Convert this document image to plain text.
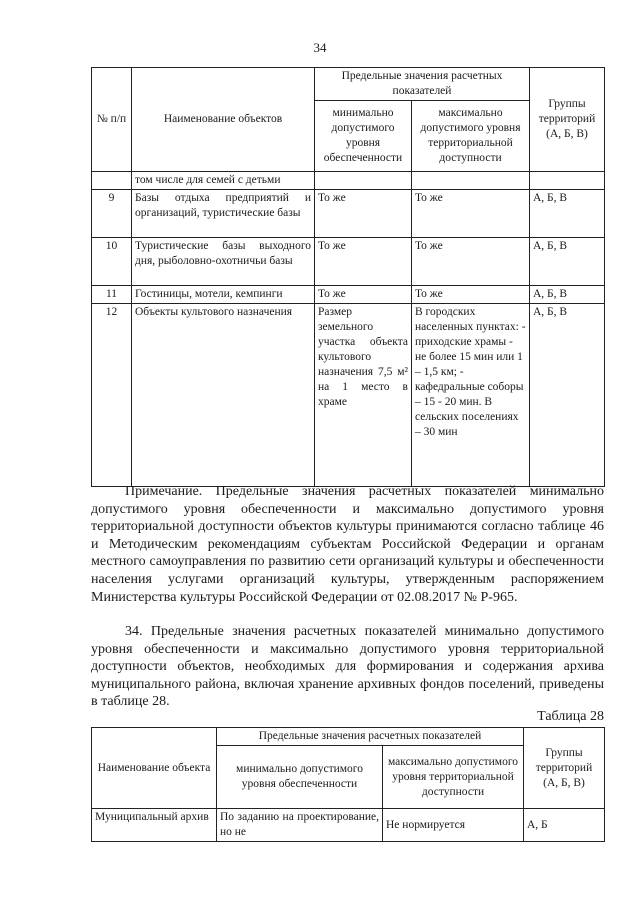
34
№ п/п	Наименование объектов	Предельные значения расчетных показателей		Группы территорий (А, Б, В)
		минимально допустимого уровня обеспеченности	максимально допустимого уровня территориальной доступности	
	том числе для семей с детьми			
9	Базы отдыха предприятий и организаций, туристические базы	То же	То же	А, Б, В
10	Туристические базы выходного дня, рыболовно-охотничьи базы	То же	То же	А, Б, В
11	Гостиницы, мотели, кемпинги	То же	То же	А, Б, В
12	Объекты культового назначения	Размер земельного участка объекта культового назначения 7,5 м² на 1 место в храме	В городских населенных пунктах: - приходские храмы - не более 15 мин или 1 – 1,5 км; - кафедральные соборы – 15 - 20 мин. В сельских поселениях – 30 мин	А, Б, В

Примечание. Предельные значения расчетных показателей минимально допустимого уровня обеспеченности и максимально допустимого уровня территориальной доступности объектов культуры принимаются согласно таблице 46 и Методическим рекомендациям субъектам Российской Федерации и органам местного самоуправления по развитию сети организаций культуры и обеспеченности населения услугами организаций культуры, утвержденным распоряжением Министерства культуры Российской Федерации от 02.08.2017 № Р-965.

34. Предельные значения расчетных показателей минимально допустимого уровня обеспеченности и максимально допустимого уровня территориальной доступности объектов, необходимых для формирования и содержания архива муниципального района, включая хранение архивных фондов поселений, приведены в таблице 28.

Таблица 28
Наименование объекта	Предельные значения расчетных показателей		Группы территорий (А, Б, В)
	минимально допустимого уровня обеспеченности	максимально допустимого уровня территориальной доступности	
Муниципальный архив	По заданию на проектирование, но не	Не нормируется	А, Б
